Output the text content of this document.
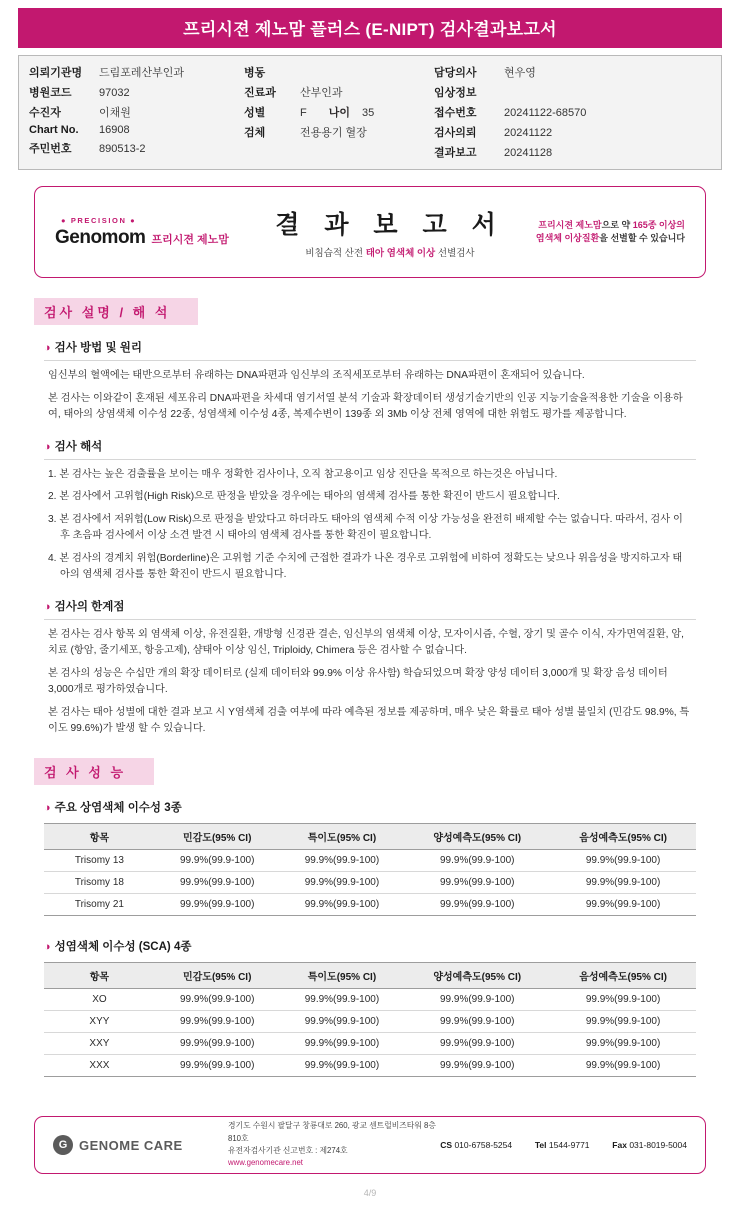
프리시젼 제노맘 플러스 (E-NIPT) 검사결과보고서
의뢰기관명	드림포레산부인과
병원코드	97032
수진자	이채원
Chart No.	16908
주민번호	890513-2
병동
진료과	산부인과
성별	F 나이 35
검체	전용용기 혈장
담당의사	현우영
임상정보
접수번호	20241122-68570
검사의뢰	20241122
결과보고	20241128
● PRECISION ●
Genomom 프리시젼 제노맘
결 과 보 고 서
비침습적 산전 태아 염색체 이상 선별검사
프리시젼 제노맘으로 약 165종 이상의
염색체 이상질환을 선별할 수 있습니다
검사 설명 / 해 석
◑ 검사 방법 및 원리

임신부의 혈액에는 태반으로부터 유래하는 DNA파편과 임신부의 조직세포로부터 유래하는 DNA파편이 혼재되어 있습니다.

본 검사는 이와같이 혼재된 세포유리 DNA파편을 차세대 염기서열 분석 기술과 확장데이터 생성기술기반의 인공 지능기술을적용한 기술을 이용하여, 태아의 상염색체 이수성 22종, 성염색체 이수성 4종, 복제수변이 139종 외 3Mb 이상 전체 영역에 대한 위험도 평가를 제공합니다.

◑ 검사 해석

1. 본 검사는 높은 검출률을 보이는 매우 정확한 검사이나, 오직 참고용이고 임상 진단을 목적으로 하는것은 아닙니다.

2. 본 검사에서 고위험(High Risk)으로 판정을 받았을 경우에는 태아의 염색체 검사를 통한 확진이 반드시 필요합니다.

3. 본 검사에서 저위험(Low Risk)으로 판정을 받았다고 하더라도 태아의 염색체 수적 이상 가능성을 완전히 배제할 수는 없습니다. 따라서, 검사 이후 초음파 검사에서 이상 소견 발견 시 태아의 염색체 검사를 통한 확진이 필요합니다.

4. 본 검사의 경계치 위험(Borderline)은 고위험 기준 수치에 근접한 결과가 나온 경우로 고위험에 비하여 정확도는 낮으나 위음성을 방지하고자 태아의 염색체 검사를 통한 확진이 반드시 필요합니다.

◑ 검사의 한계점

본 검사는 검사 항목 외 염색체 이상, 유전질환, 개방형 신경관 결손, 임신부의 염색체 이상, 모자이시즘, 수혈, 장기 및 골수 이식, 자가면역질환, 암, 치료 (항암, 줄기세포, 항응고제), 샴태아 이상 임신, Triploidy, Chimera 등은 검사할 수 없습니다.

본 검사의 성능은 수십만 개의 확장 데이터로 (실제 데이터와 99.9% 이상 유사함) 학습되었으며 확장 양성 데이터 3,000개 및 확장 음성 데이터 3,000개로 평가하였습니다.

본 검사는 태아 성별에 대한 결과 보고 시 Y염색체 검출 여부에 따라 예측된 정보를 제공하며, 매우 낮은 확률로 태아 성별 불일치 (민감도 98.9%, 특이도 99.6%)가 발생 할 수 있습니다.

검 사 성 능
◑ 주요 상염색체 이수성 3종
항목	민감도(95% CI)	특이도(95% CI)	양성예측도(95% CI)	음성예측도(95% CI)
Trisomy 13	99.9%(99.9-100)	99.9%(99.9-100)	99.9%(99.9-100)	99.9%(99.9-100)
Trisomy 18	99.9%(99.9-100)	99.9%(99.9-100)	99.9%(99.9-100)	99.9%(99.9-100)
Trisomy 21	99.9%(99.9-100)	99.9%(99.9-100)	99.9%(99.9-100)	99.9%(99.9-100)
◑ 성염색체 이수성 (SCA) 4종
항목	민감도(95% CI)	특이도(95% CI)	양성예측도(95% CI)	음성예측도(95% CI)
XO	99.9%(99.9-100)	99.9%(99.9-100)	99.9%(99.9-100)	99.9%(99.9-100)
XYY	99.9%(99.9-100)	99.9%(99.9-100)	99.9%(99.9-100)	99.9%(99.9-100)
XXY	99.9%(99.9-100)	99.9%(99.9-100)	99.9%(99.9-100)	99.9%(99.9-100)
XXX	99.9%(99.9-100)	99.9%(99.9-100)	99.9%(99.9-100)	99.9%(99.9-100)
G GENOME CARE
경기도 수원시 팔달구 창룡대로 260, 광교 센트럴비즈타워 8층 810호
유전자검사기관 신고번호 : 제274호
www.genomecare.net
CS 010-6758-5254	Tel 1544-9771	Fax 031-8019-5004
4/9
